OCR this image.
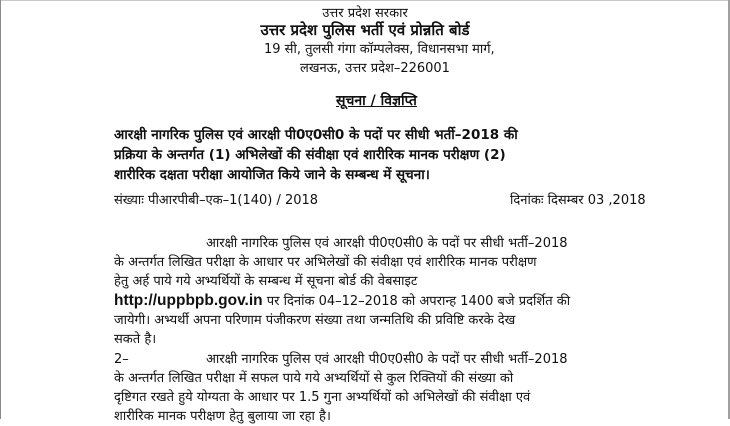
उत्तर प्रदेश सरकार
उत्तर प्रदेश पुलिस भर्ती एवं प्रोन्नति बोर्ड
19 सी, तुलसी गंगा कॉम्पलेक्स, विधानसभा मार्ग,
लखनऊ, उत्तर प्रदेश–226001
सूचना / विज्ञप्ति
आरक्षी नागरिक पुलिस एवं आरक्षी पी0ए0सी0 के पदों पर सीधी भर्ती–2018 की
प्रक्रिया के अन्तर्गत (1) अभिलेखों की संवीक्षा एवं शारीरिक मानक परीक्षण (2)
शारीरिक दक्षता परीक्षा आयोजित किये जाने के सम्बन्ध में सूचना।
संख्याः पीआरपीबी–एक–1(140) / 2018	दिनांकः दिसम्बर 03 ,2018
आरक्षी नागरिक पुलिस एवं आरक्षी पी0ए0सी0 के पदों पर सीधी भर्ती–2018
के अन्तर्गत लिखित परीक्षा के आधार पर अभिलेखों की संवीक्षा एवं शारीरिक मानक परीक्षण
हेतु अर्ह पाये गये अभ्यर्थियों के सम्बन्ध में सूचना बोर्ड की वेबसाइट
http://uppbpb.gov.in पर दिनांक 04–12–2018 को अपरान्ह 1400 बजे प्रदर्शित की
जायेगी। अभ्यर्थी अपना परिणाम पंजीकरण संख्या तथा जन्मतिथि की प्रविष्टि करके देख
सकते है।
2–	आरक्षी नागरिक पुलिस एवं आरक्षी पी0ए0सी0 के पदों पर सीधी भर्ती–2018
के अन्तर्गत लिखित परीक्षा में सफल पाये गये अभ्यर्थियों से कुल रिक्तियों की संख्या को
दृष्टिगत रखते हुये योग्यता के आधार पर 1.5 गुना अभ्यर्थियों को अभिलेखों की संवीक्षा एवं
शारीरिक मानक परीक्षण हेतु बुलाया जा रहा है।
